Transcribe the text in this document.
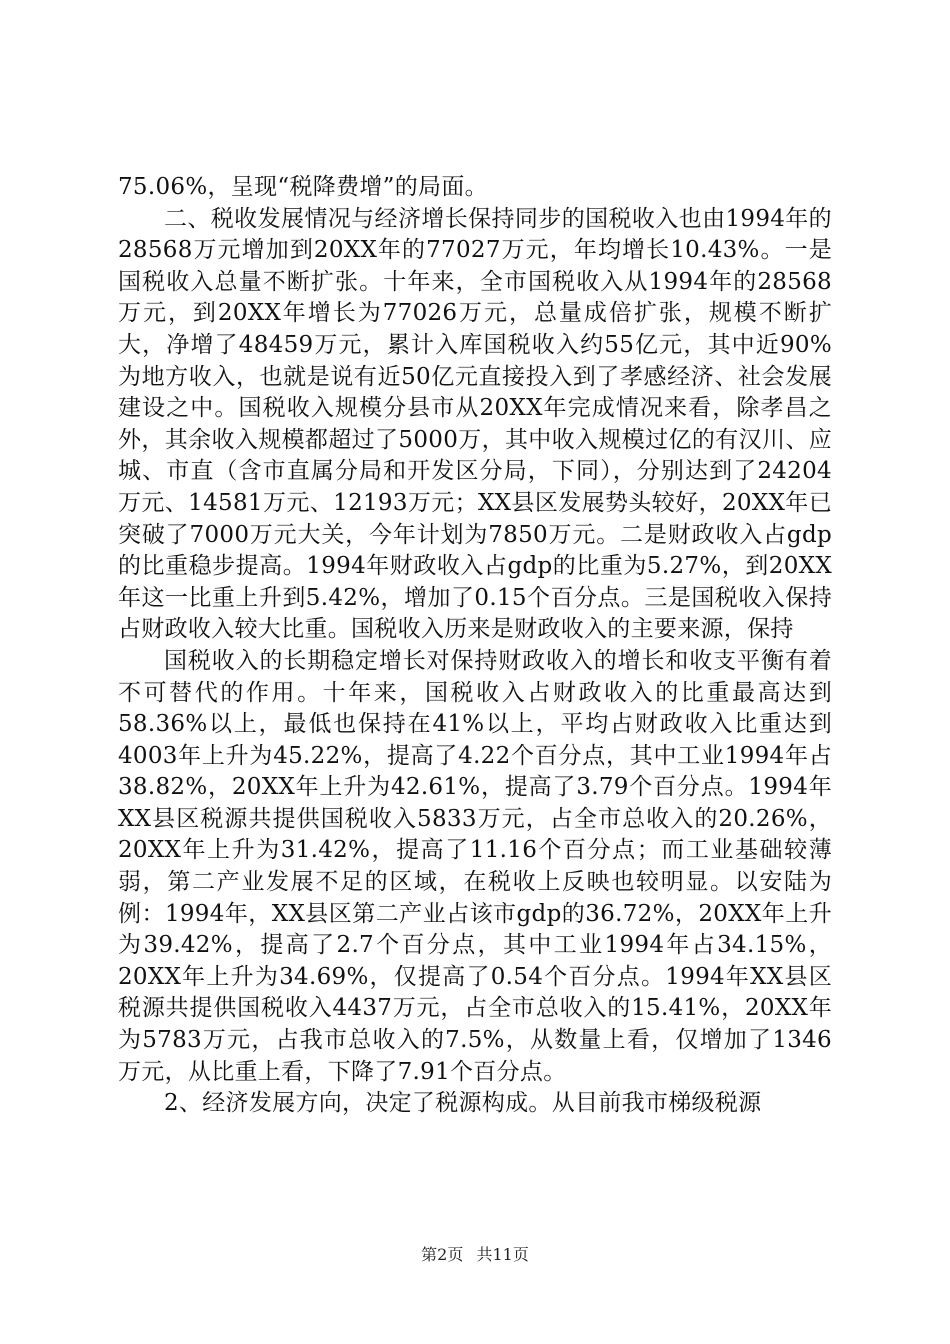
75.06%，呈现“税降费增”的局面。

二、税收发展情况与经济增长保持同步的国税收入也由1994年的28568万元增加到20XX年的77027万元，年均增长10.43%。一是国税收入总量不断扩张。十年来，全市国税收入从1994年的28568万元，到20XX年增长为77026万元，总量成倍扩张，规模不断扩大，净增了48459万元，累计入库国税收入约55亿元，其中近90%为地方收入，也就是说有近50亿元直接投入到了孝感经济、社会发展建设之中。国税收入规模分县市从20XX年完成情况来看，除孝昌之外，其余收入规模都超过了5000万，其中收入规模过亿的有汉川、应城、市直（含市直属分局和开发区分局，下同），分别达到了24204万元、14581万元、12193万元；XX县区发展势头较好，20XX年已突破了7000万元大关，今年计划为7850万元。二是财政收入占gdp的比重稳步提高。1994年财政收入占gdp的比重为5.27%，到20XX年这一比重上升到5.42%，增加了0.15个百分点。三是国税收入保持占财政收入较大比重。国税收入历来是财政收入的主要来源，保持

国税收入的长期稳定增长对保持财政收入的增长和收支平衡有着不可替代的作用。十年来，国税收入占财政收入的比重最高达到58.36%以上，最低也保持在41%以上，平均占财政收入比重达到4003年上升为45.22%，提高了4.22个百分点，其中工业1994年占38.82%，20XX年上升为42.61%，提高了3.79个百分点。1994年XX县区税源共提供国税收入5833万元，占全市总收入的20.26%，20XX年上升为31.42%，提高了11.16个百分点；而工业基础较薄弱，第二产业发展不足的区域，在税收上反映也较明显。以安陆为例：1994年，XX县区第二产业占该市gdp的36.72%，20XX年上升为39.42%，提高了2.7个百分点，其中工业1994年占34.15%，20XX年上升为34.69%，仅提高了0.54个百分点。1994年XX县区税源共提供国税收入4437万元，占全市总收入的15.41%，20XX年为5783万元，占我市总收入的7.5%，从数量上看，仅增加了1346万元，从比重上看，下降了7.91个百分点。

2、经济发展方向，决定了税源构成。从目前我市梯级税源

第2页 共11页
